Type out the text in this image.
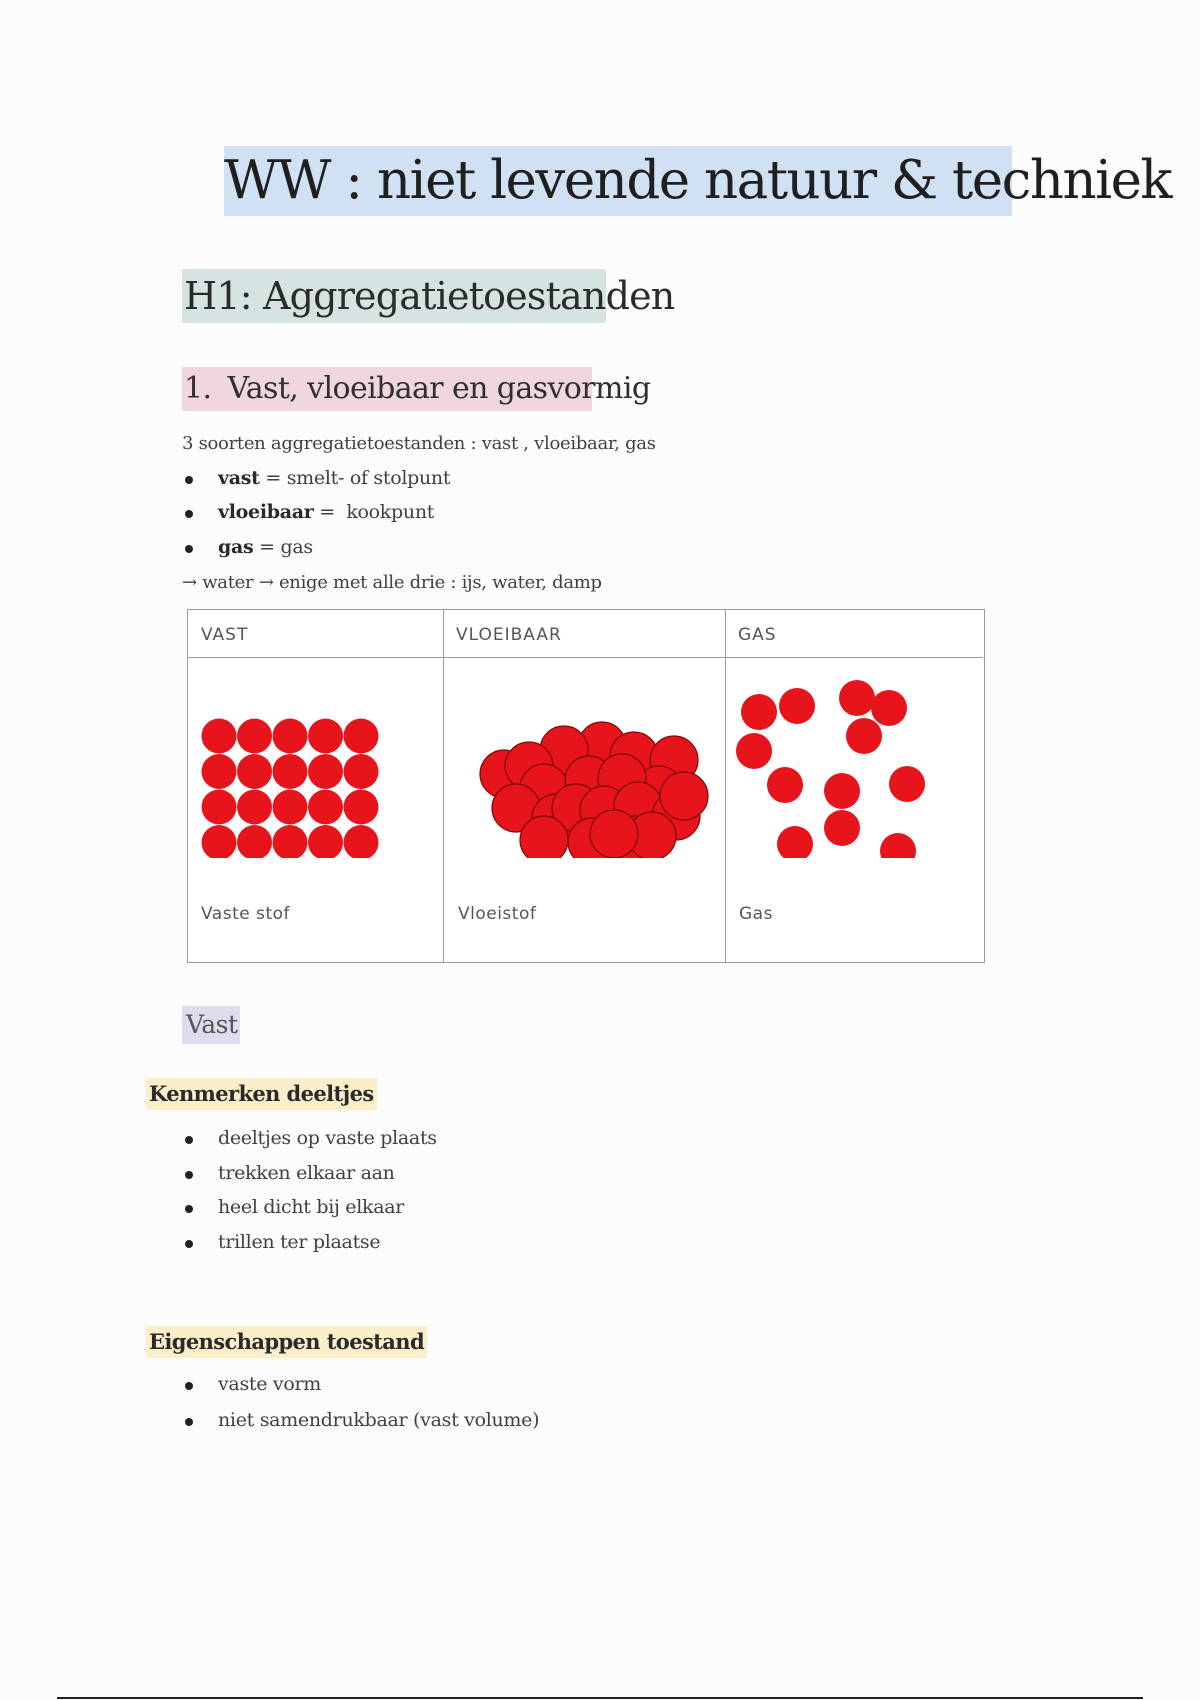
WW : niet levende natuur & techniek
H1: Aggregatietoestanden
1. Vast, vloeibaar en gasvormig
3 soorten aggregatietoestanden : vast , vloeibaar, gas
vast = smelt- of stolpunt
vloeibaar =  kookpunt
gas = gas
→ water → enige met alle drie : ijs, water, damp
VAST	VLOEIBAAR	GAS
Vaste stof	Vloeistof	Gas
Vast
Kenmerken deeltjes
deeltjes op vaste plaats
trekken elkaar aan
heel dicht bij elkaar
trillen ter plaatse
Eigenschappen toestand
vaste vorm
niet samendrukbaar (vast volume)
